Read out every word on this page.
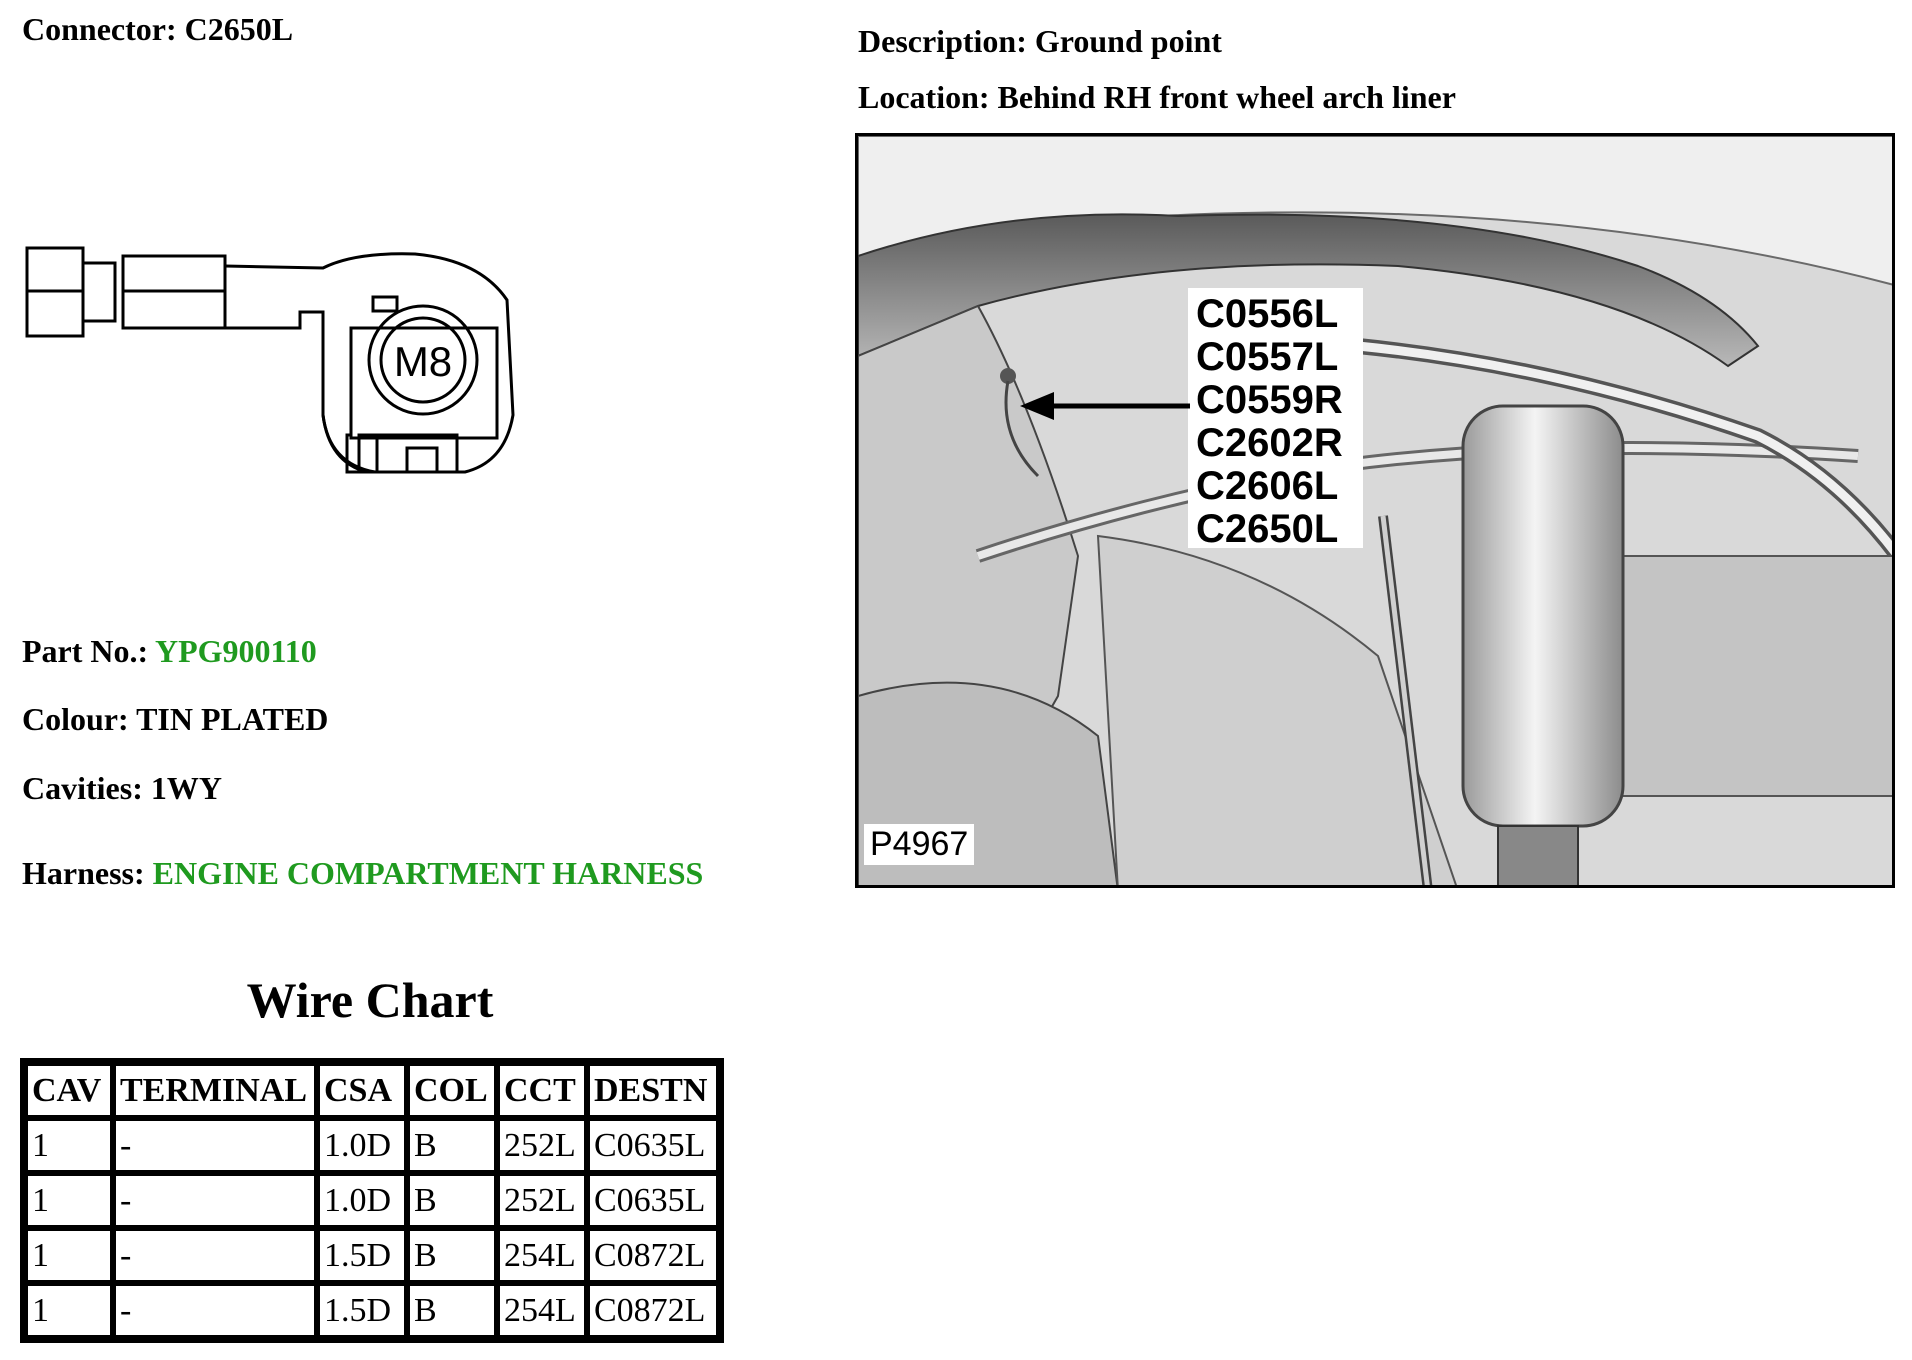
Connector: C2650L	Description: Ground point
Location: Behind RH front wheel arch liner
M8
Part No.: YPG900110
Colour: TIN PLATED
Cavities: 1WY
Harness: ENGINE COMPARTMENT HARNESS
Wire Chart
CAV	TERMINAL	CSA	COL	CCT	DESTN
1	-	1.0D	B	252L	C0635L
1	-	1.0D	B	252L	C0635L
1	-	1.5D	B	254L	C0872L
1	-	1.5D	B	254L	C0872L
C0556L
C0557L
C0559R
C2602R
C2606L
C2650L
P4967
